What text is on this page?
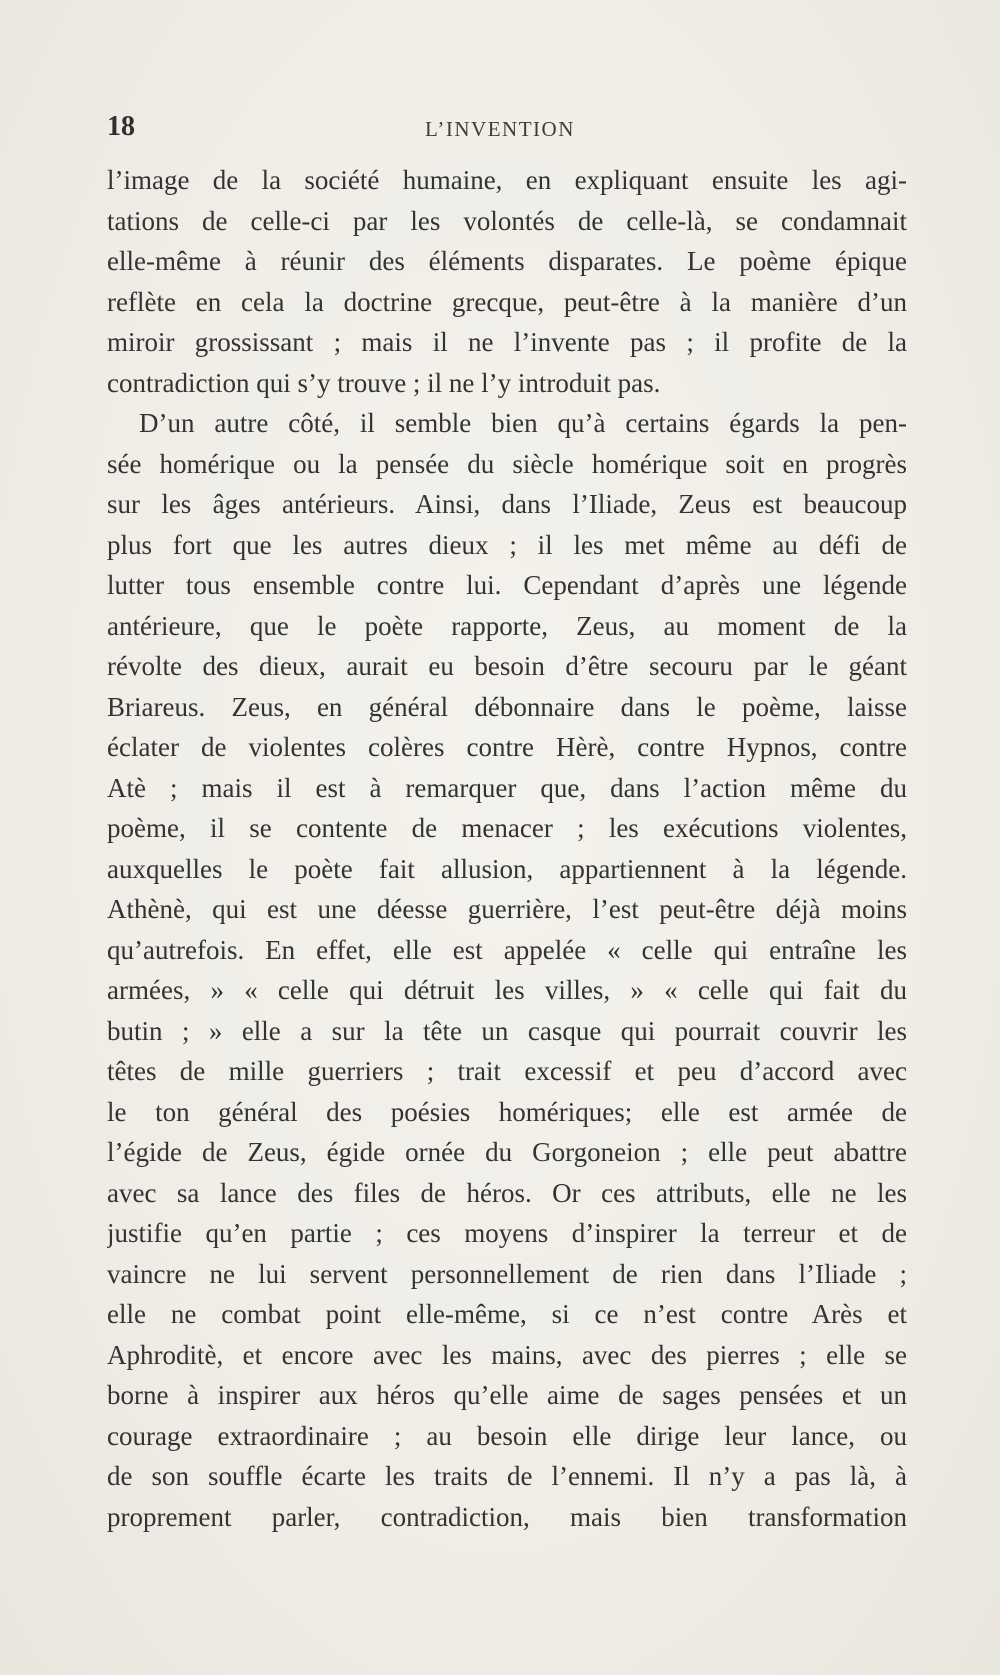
18	L’INVENTION
l’image de la société humaine, en expliquant ensuite les agi-
tations de celle-ci par les volontés de celle-là, se condamnait
elle-même à réunir des éléments disparates. Le poème épique
reflète en cela la doctrine grecque, peut-être à la manière d’un
miroir grossissant ; mais il ne l’invente pas ; il profite de la
contradiction qui s’y trouve ; il ne l’y introduit pas.
D’un autre côté, il semble bien qu’à certains égards la pen-
sée homérique ou la pensée du siècle homérique soit en progrès
sur les âges antérieurs. Ainsi, dans l’Iliade, Zeus est beaucoup
plus fort que les autres dieux ; il les met même au défi de
lutter tous ensemble contre lui. Cependant d’après une légende
antérieure, que le poète rapporte, Zeus, au moment de la
révolte des dieux, aurait eu besoin d’être secouru par le géant
Briareus. Zeus, en général débonnaire dans le poème, laisse
éclater de violentes colères contre Hèrè, contre Hypnos, contre
Atè ; mais il est à remarquer que, dans l’action même du
poème, il se contente de menacer ; les exécutions violentes,
auxquelles le poète fait allusion, appartiennent à la légende.
Athènè, qui est une déesse guerrière, l’est peut-être déjà moins
qu’autrefois. En effet, elle est appelée « celle qui entraîne les
armées, » « celle qui détruit les villes, » « celle qui fait du
butin ; » elle a sur la tête un casque qui pourrait couvrir les
têtes de mille guerriers ; trait excessif et peu d’accord avec
le ton général des poésies homériques; elle est armée de
l’égide de Zeus, égide ornée du Gorgoneion ; elle peut abattre
avec sa lance des files de héros. Or ces attributs, elle ne les
justifie qu’en partie ; ces moyens d’inspirer la terreur et de
vaincre ne lui servent personnellement de rien dans l’Iliade ;
elle ne combat point elle-même, si ce n’est contre Arès et
Aphroditè, et encore avec les mains, avec des pierres ; elle se
borne à inspirer aux héros qu’elle aime de sages pensées et un
courage extraordinaire ; au besoin elle dirige leur lance, ou
de son souffle écarte les traits de l’ennemi. Il n’y a pas là, à
proprement parler, contradiction, mais bien transformation
